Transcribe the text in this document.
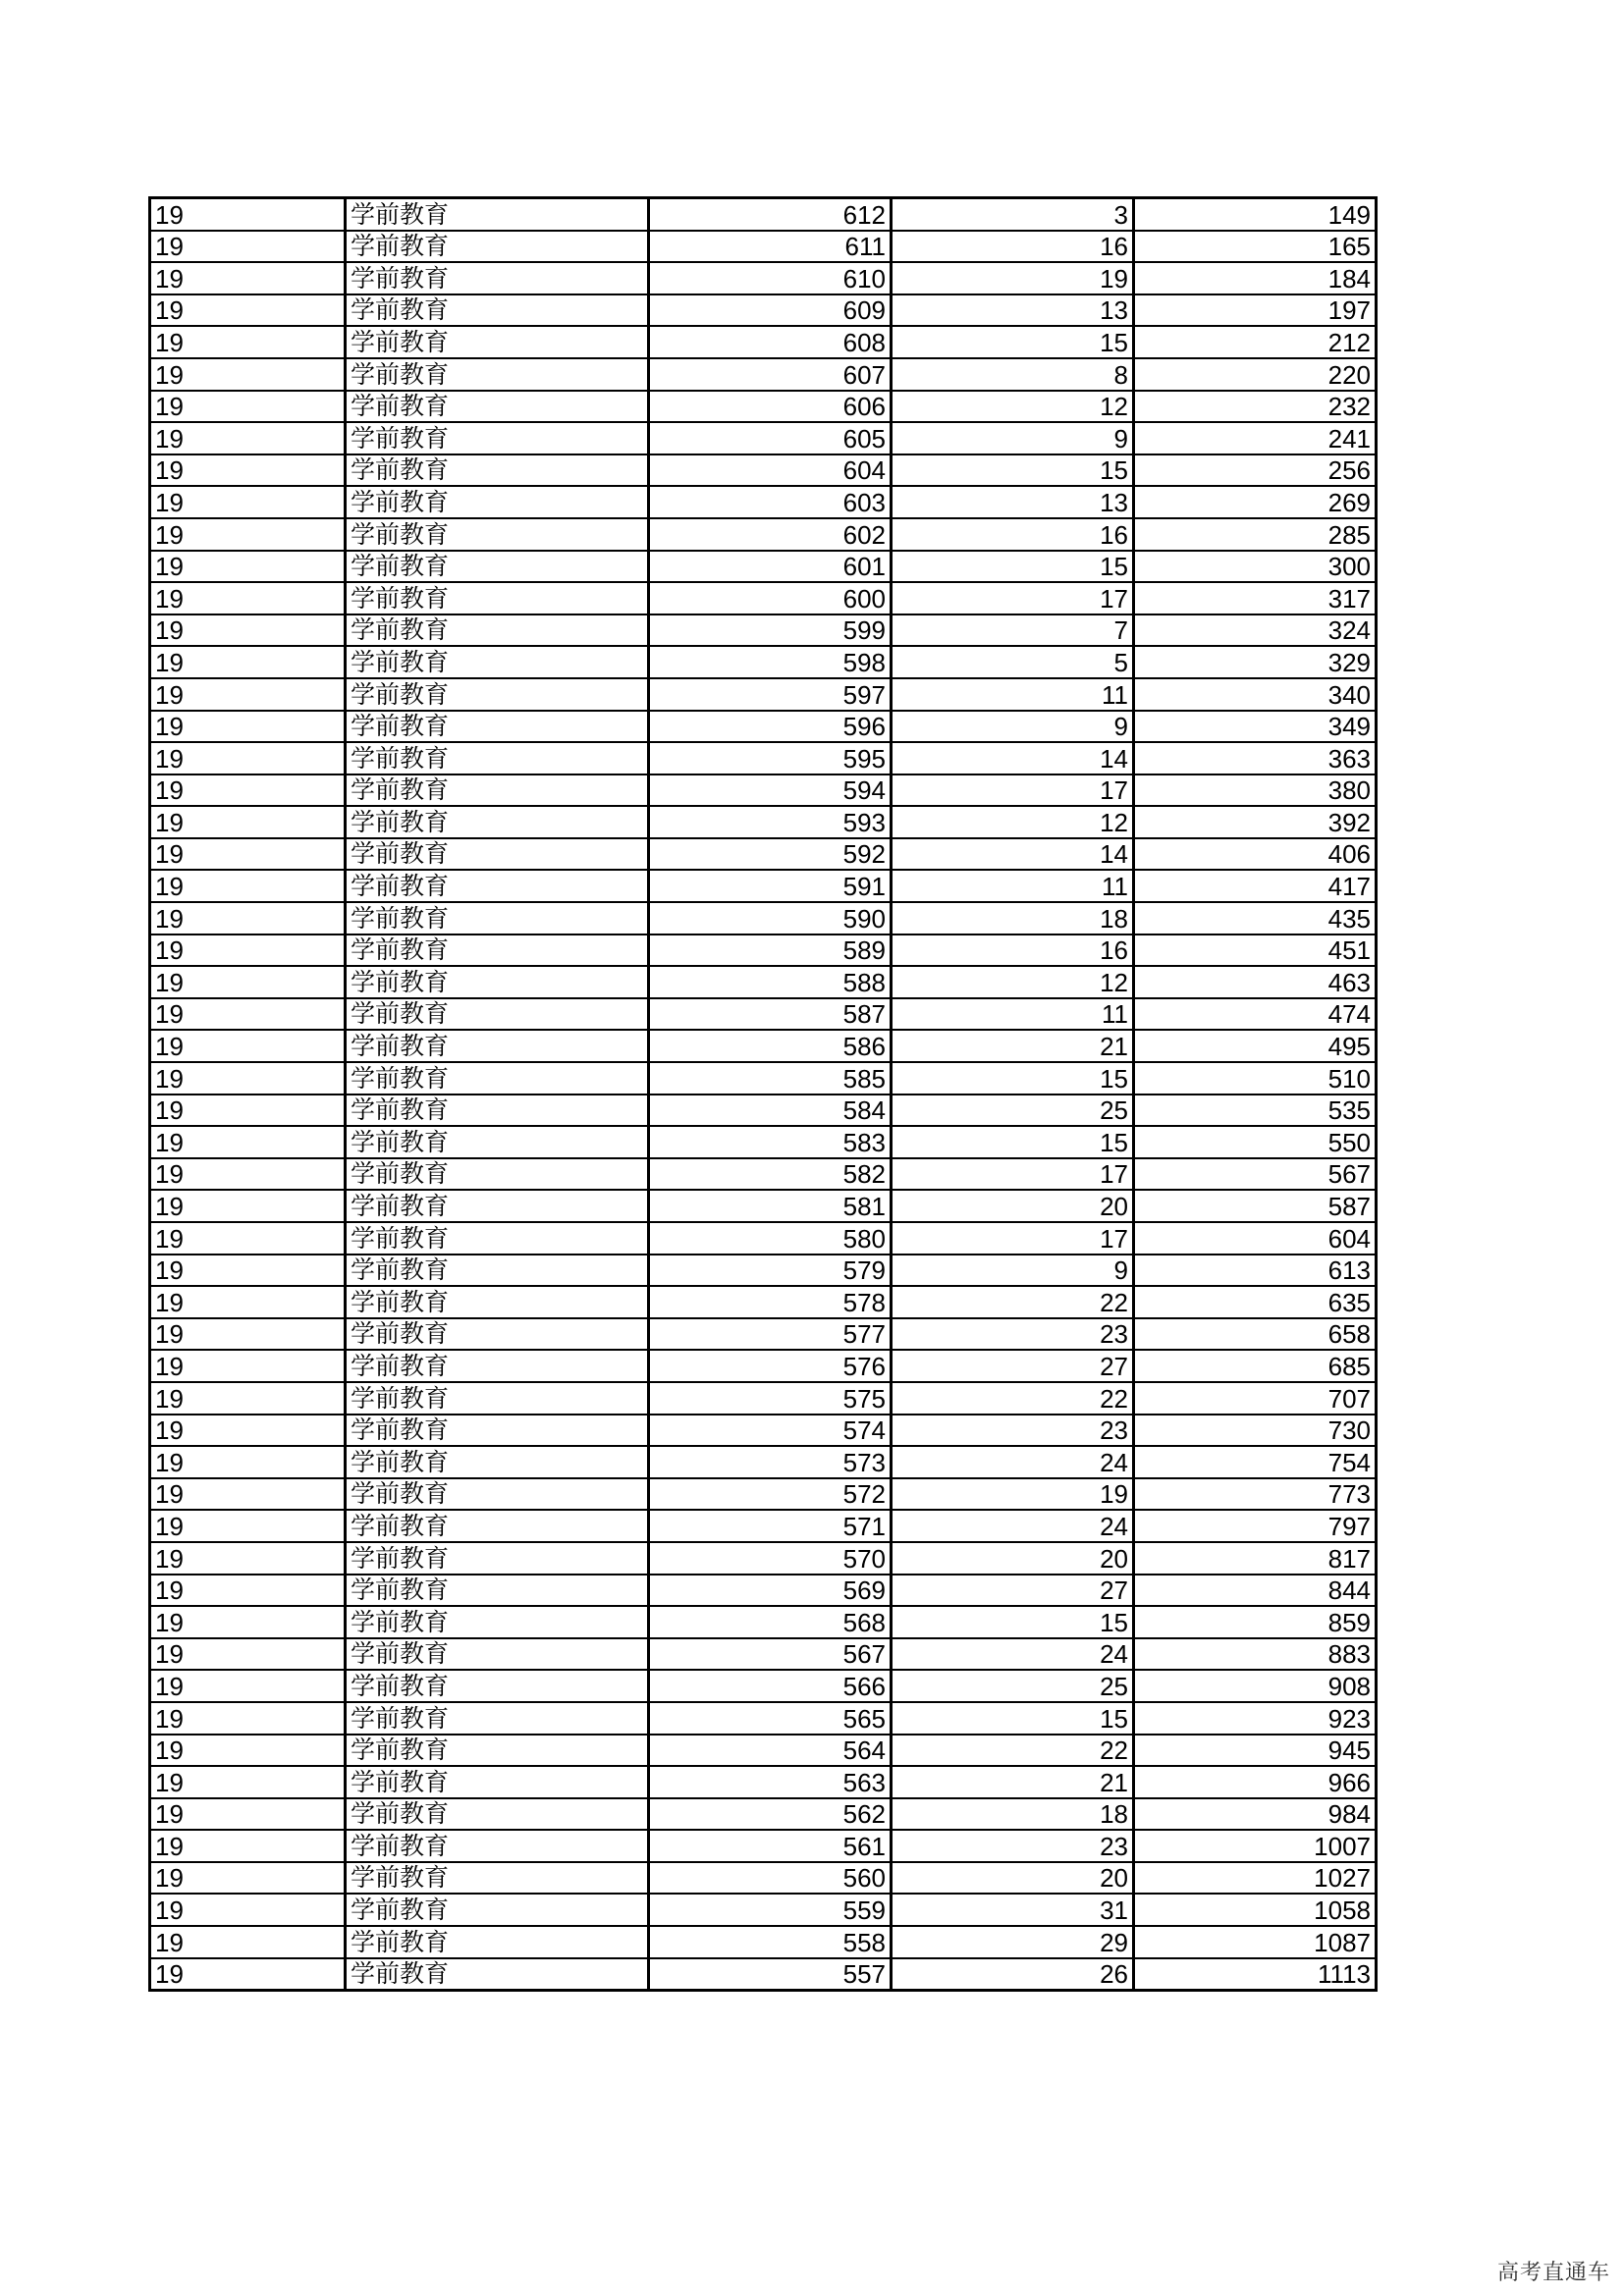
19	学前教育	612	3	149
19	学前教育	611	16	165
19	学前教育	610	19	184
19	学前教育	609	13	197
19	学前教育	608	15	212
19	学前教育	607	8	220
19	学前教育	606	12	232
19	学前教育	605	9	241
19	学前教育	604	15	256
19	学前教育	603	13	269
19	学前教育	602	16	285
19	学前教育	601	15	300
19	学前教育	600	17	317
19	学前教育	599	7	324
19	学前教育	598	5	329
19	学前教育	597	11	340
19	学前教育	596	9	349
19	学前教育	595	14	363
19	学前教育	594	17	380
19	学前教育	593	12	392
19	学前教育	592	14	406
19	学前教育	591	11	417
19	学前教育	590	18	435
19	学前教育	589	16	451
19	学前教育	588	12	463
19	学前教育	587	11	474
19	学前教育	586	21	495
19	学前教育	585	15	510
19	学前教育	584	25	535
19	学前教育	583	15	550
19	学前教育	582	17	567
19	学前教育	581	20	587
19	学前教育	580	17	604
19	学前教育	579	9	613
19	学前教育	578	22	635
19	学前教育	577	23	658
19	学前教育	576	27	685
19	学前教育	575	22	707
19	学前教育	574	23	730
19	学前教育	573	24	754
19	学前教育	572	19	773
19	学前教育	571	24	797
19	学前教育	570	20	817
19	学前教育	569	27	844
19	学前教育	568	15	859
19	学前教育	567	24	883
19	学前教育	566	25	908
19	学前教育	565	15	923
19	学前教育	564	22	945
19	学前教育	563	21	966
19	学前教育	562	18	984
19	学前教育	561	23	1007
19	学前教育	560	20	1027
19	学前教育	559	31	1058
19	学前教育	558	29	1087
19	学前教育	557	26	1113
高考直通车
